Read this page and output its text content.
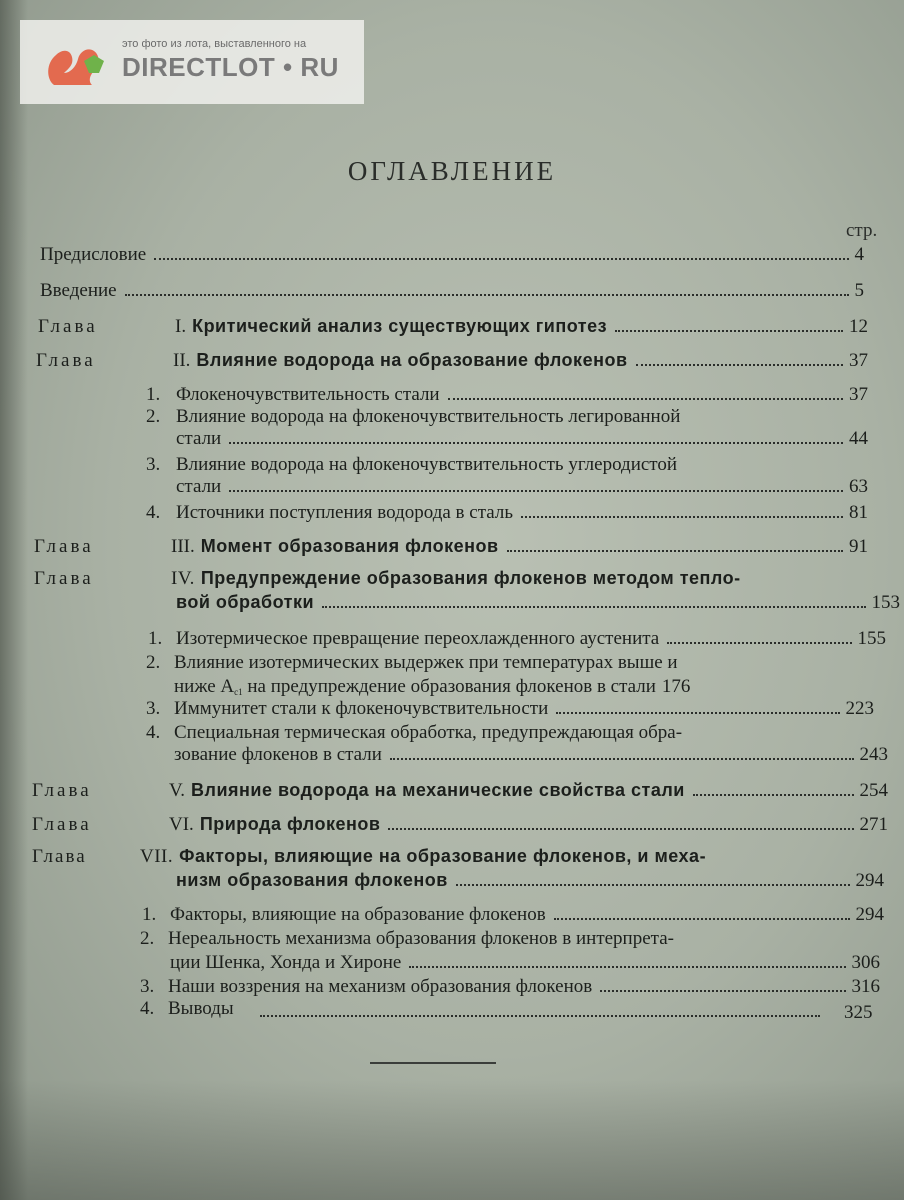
это фото из лота, выставленного на
DIRECTLOT • RU
ОГЛАВЛЕНИЕ
стр.
Предисловие	4
Введение	5
Глава	I. Критический анализ существующих гипотез	12
Глава	II. Влияние водорода на образование флокенов	37
1. Флокеночувствительность стали	37
2. Влияние водорода на флокеночувствительность легированной
стали	44
3. Влияние водорода на флокеночувствительность углеродистой
стали	63
4. Источники поступления водорода в сталь	81
Глава	III. Момент образования флокенов	91
Глава	IV. Предупреждение образования флокенов методом тепло-
вой обработки	153
1. Изотермическое превращение переохлажденного аустенита	155
2. Влияние изотермических выдержек при температурах выше и
ниже $A_{c1}$ на предупреждение образования флокенов в стали 176
3. Иммунитет стали к флокеночувствительности	223
4. Специальная термическая обработка, предупреждающая обра-
зование флокенов в стали	243
Глава	V. Влияние водорода на механические свойства стали	254
Глава	VI. Природа флокенов	271
Глава	VII. Факторы, влияющие на образование флокенов, и меха-
низм образования флокенов	294
1. Факторы, влияющие на образование флокенов	294
2. Нереальность механизма образования флокенов в интерпрета-
ции Шенка, Хонда и Хироне	306
3. Наши воззрения на механизм образования флокенов	316
4. Выводы	325
